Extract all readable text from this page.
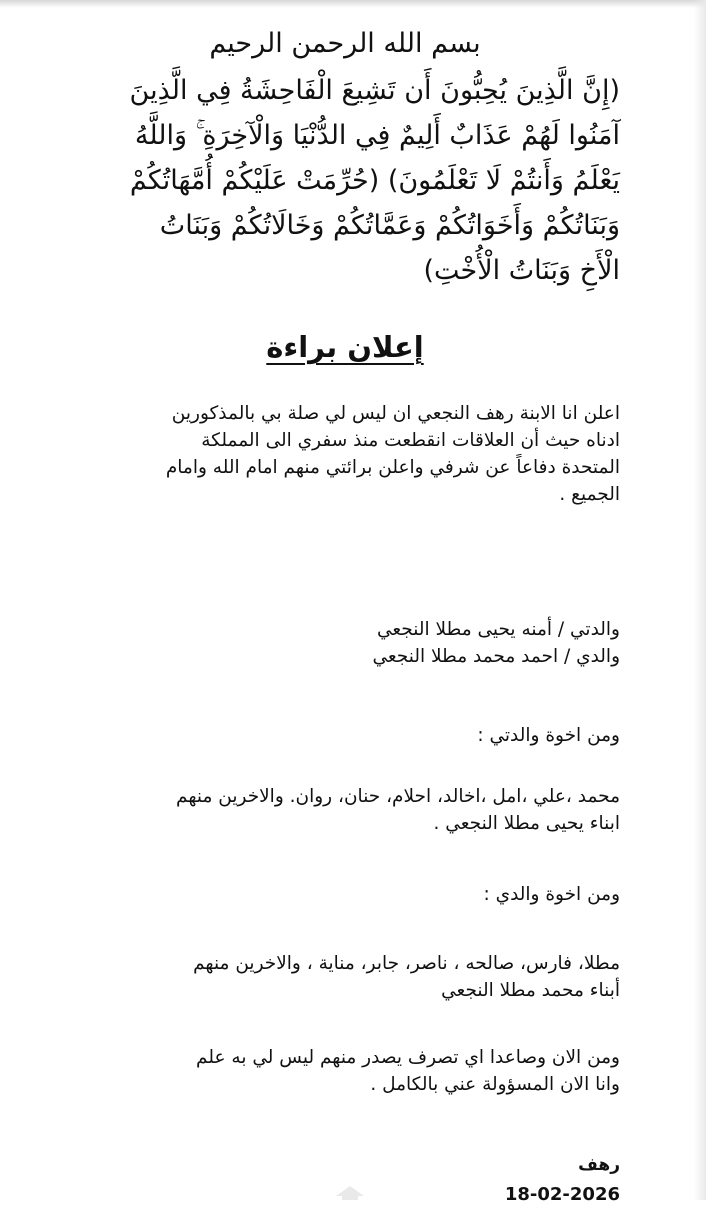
بسم الله الرحمن الرحيم

(إِنَّ الَّذِينَ يُحِبُّونَ أَن تَشِيعَ الْفَاحِشَةُ فِي الَّذِينَ
آمَنُوا لَهُمْ عَذَابٌ أَلِيمٌ فِي الدُّنْيَا وَالْآخِرَةِ ۚ وَاللَّهُ
يَعْلَمُ وَأَنتُمْ لَا تَعْلَمُونَ) (حُرِّمَتْ عَلَيْكُمْ أُمَّهَاتُكُمْ
وَبَنَاتُكُمْ وَأَخَوَاتُكُمْ وَعَمَّاتُكُمْ وَخَالَاتُكُمْ وَبَنَاتُ
الْأَخِ وَبَنَاتُ الْأُخْتِ)

إعلان براءة

اعلن انا الابنة رهف النجعي ان ليس لي صلة بي بالمذكورين
ادناه حيث أن العلاقات انقطعت منذ سفري الى المملكة
المتحدة دفاعاً عن شرفي واعلن برائتي منهم امام الله وامام
الجميع .

والدتي / أمنه يحيى مطلا النجعي
والدي / احمد محمد مطلا النجعي

ومن اخوة والدتي :

محمد ،علي ،امل ،اخالد، احلام، حنان، روان. والاخرين منهم
ابناء يحيى مطلا النجعي .

ومن اخوة والدي :

مطلا، فارس، صالحه ، ناصر، جابر، مناية ، والاخرين منهم
أبناء محمد مطلا النجعي

ومن الان وصاعدا اي تصرف يصدر منهم ليس لي به علم
وانا الان المسؤولة عني بالكامل .

رهف
18-02-2026
